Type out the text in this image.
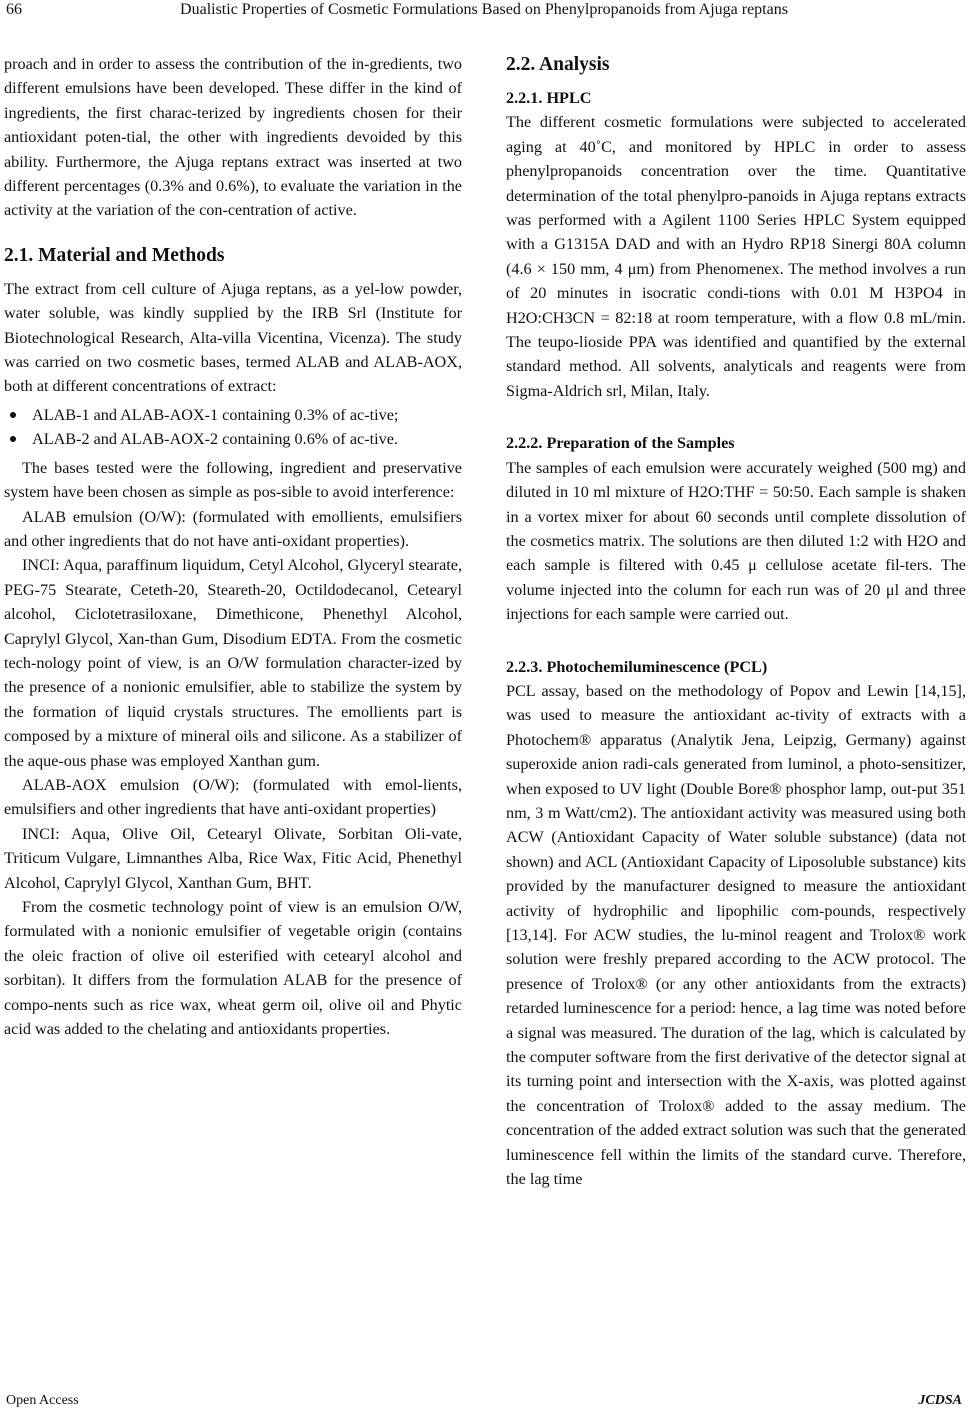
66	Dualistic Properties of Cosmetic Formulations Based on Phenylpropanoids from Ajuga reptans

proach and in order to assess the contribution of the in-gredients, two different emulsions have been developed. These differ in the kind of ingredients, the first charac-terized by ingredients chosen for their antioxidant poten-tial, the other with ingredients devoided by this ability. Furthermore, the Ajuga reptans extract was inserted at two different percentages (0.3% and 0.6%), to evaluate the variation in the activity at the variation of the con-centration of active.

2.1. Material and Methods

The extract from cell culture of Ajuga reptans, as a yel-low powder, water soluble, was kindly supplied by the IRB Srl (Institute for Biotechnological Research, Alta-villa Vicentina, Vicenza). The study was carried on two cosmetic bases, termed ALAB and ALAB-AOX, both at different concentrations of extract:

ALAB-1 and ALAB-AOX-1 containing 0.3% of ac-tive;
ALAB-2 and ALAB-AOX-2 containing 0.6% of ac-tive.

The bases tested were the following, ingredient and preservative system have been chosen as simple as pos-sible to avoid interference:

ALAB emulsion (O/W): (formulated with emollients, emulsifiers and other ingredients that do not have anti-oxidant properties).

INCI: Aqua, paraffinum liquidum, Cetyl Alcohol, Glyceryl stearate, PEG-75 Stearate, Ceteth-20, Steareth-20, Octildodecanol, Cetearyl alcohol, Ciclotetrasiloxane, Dimethicone, Phenethyl Alcohol, Caprylyl Glycol, Xan-than Gum, Disodium EDTA. From the cosmetic tech-nology point of view, is an O/W formulation character-ized by the presence of a nonionic emulsifier, able to stabilize the system by the formation of liquid crystals structures. The emollients part is composed by a mixture of mineral oils and silicone. As a stabilizer of the aque-ous phase was employed Xanthan gum.

ALAB-AOX emulsion (O/W): (formulated with emol-lients, emulsifiers and other ingredients that have anti-oxidant properties)

INCI: Aqua, Olive Oil, Cetearyl Olivate, Sorbitan Oli-vate, Triticum Vulgare, Limnanthes Alba, Rice Wax, Fitic Acid, Phenethyl Alcohol, Caprylyl Glycol, Xanthan Gum, BHT.

From the cosmetic technology point of view is an emulsion O/W, formulated with a nonionic emulsifier of vegetable origin (contains the oleic fraction of olive oil esterified with cetearyl alcohol and sorbitan). It differs from the formulation ALAB for the presence of compo-nents such as rice wax, wheat germ oil, olive oil and Phytic acid was added to the chelating and antioxidants properties.

2.2. Analysis

2.2.1. HPLC

The different cosmetic formulations were subjected to accelerated aging at 40˚C, and monitored by HPLC in order to assess phenylpropanoids concentration over the time. Quantitative determination of the total phenylpro-panoids in Ajuga reptans extracts was performed with a Agilent 1100 Series HPLC System equipped with a G1315A DAD and with an Hydro RP18 Sinergi 80A column (4.6 × 150 mm, 4 μm) from Phenomenex. The method involves a run of 20 minutes in isocratic condi-tions with 0.01 M H3PO4 in H2O:CH3CN = 82:18 at room temperature, with a flow 0.8 mL/min. The teupo-lioside PPA was identified and quantified by the external standard method. All solvents, analyticals and reagents were from Sigma-Aldrich srl, Milan, Italy.

2.2.2. Preparation of the Samples

The samples of each emulsion were accurately weighed (500 mg) and diluted in 10 ml mixture of H2O:THF = 50:50. Each sample is shaken in a vortex mixer for about 60 seconds until complete dissolution of the cosmetics matrix. The solutions are then diluted 1:2 with H2O and each sample is filtered with 0.45 μ cellulose acetate fil-ters. The volume injected into the column for each run was of 20 μl and three injections for each sample were carried out.

2.2.3. Photochemiluminescence (PCL)

PCL assay, based on the methodology of Popov and Lewin [14,15], was used to measure the antioxidant ac-tivity of extracts with a Photochem® apparatus (Analytik Jena, Leipzig, Germany) against superoxide anion radi-cals generated from luminol, a photo-sensitizer, when exposed to UV light (Double Bore® phosphor lamp, out-put 351 nm, 3 m Watt/cm2). The antioxidant activity was measured using both ACW (Antioxidant Capacity of Water soluble substance) (data not shown) and ACL (Antioxidant Capacity of Liposoluble substance) kits provided by the manufacturer designed to measure the antioxidant activity of hydrophilic and lipophilic com-pounds, respectively [13,14]. For ACW studies, the lu-minol reagent and Trolox® work solution were freshly prepared according to the ACW protocol. The presence of Trolox® (or any other antioxidants from the extracts) retarded luminescence for a period: hence, a lag time was noted before a signal was measured. The duration of the lag, which is calculated by the computer software from the first derivative of the detector signal at its turning point and intersection with the X-axis, was plotted against the concentration of Trolox® added to the assay medium. The concentration of the added extract solution was such that the generated luminescence fell within the limits of the standard curve. Therefore, the lag time

Open Access	JCDSA
